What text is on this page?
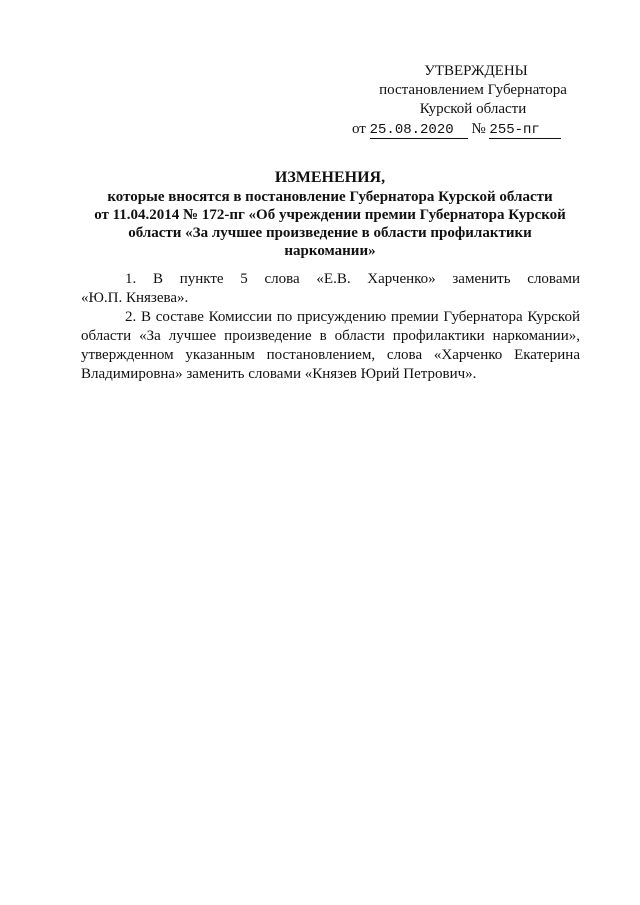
УТВЕРЖДЕНЫ
постановлением Губернатора
Курской области
от 25.08.2020 № 255-пг
ИЗМЕНЕНИЯ,
которые вносятся в постановление Губернатора Курской области
от 11.04.2014 № 172-пг «Об учреждении премии Губернатора Курской
области «За лучшее произведение в области профилактики
наркомании»

1. В пункте 5 слова «Е.В. Харченко» заменить словами
«Ю.П. Князева».

2. В составе Комиссии по присуждению премии Губернатора Курской области «За лучшее произведение в области профилактики наркомании», утвержденном указанным постановлением, слова «Харченко Екатерина Владимировна» заменить словами «Князев Юрий Петрович».
